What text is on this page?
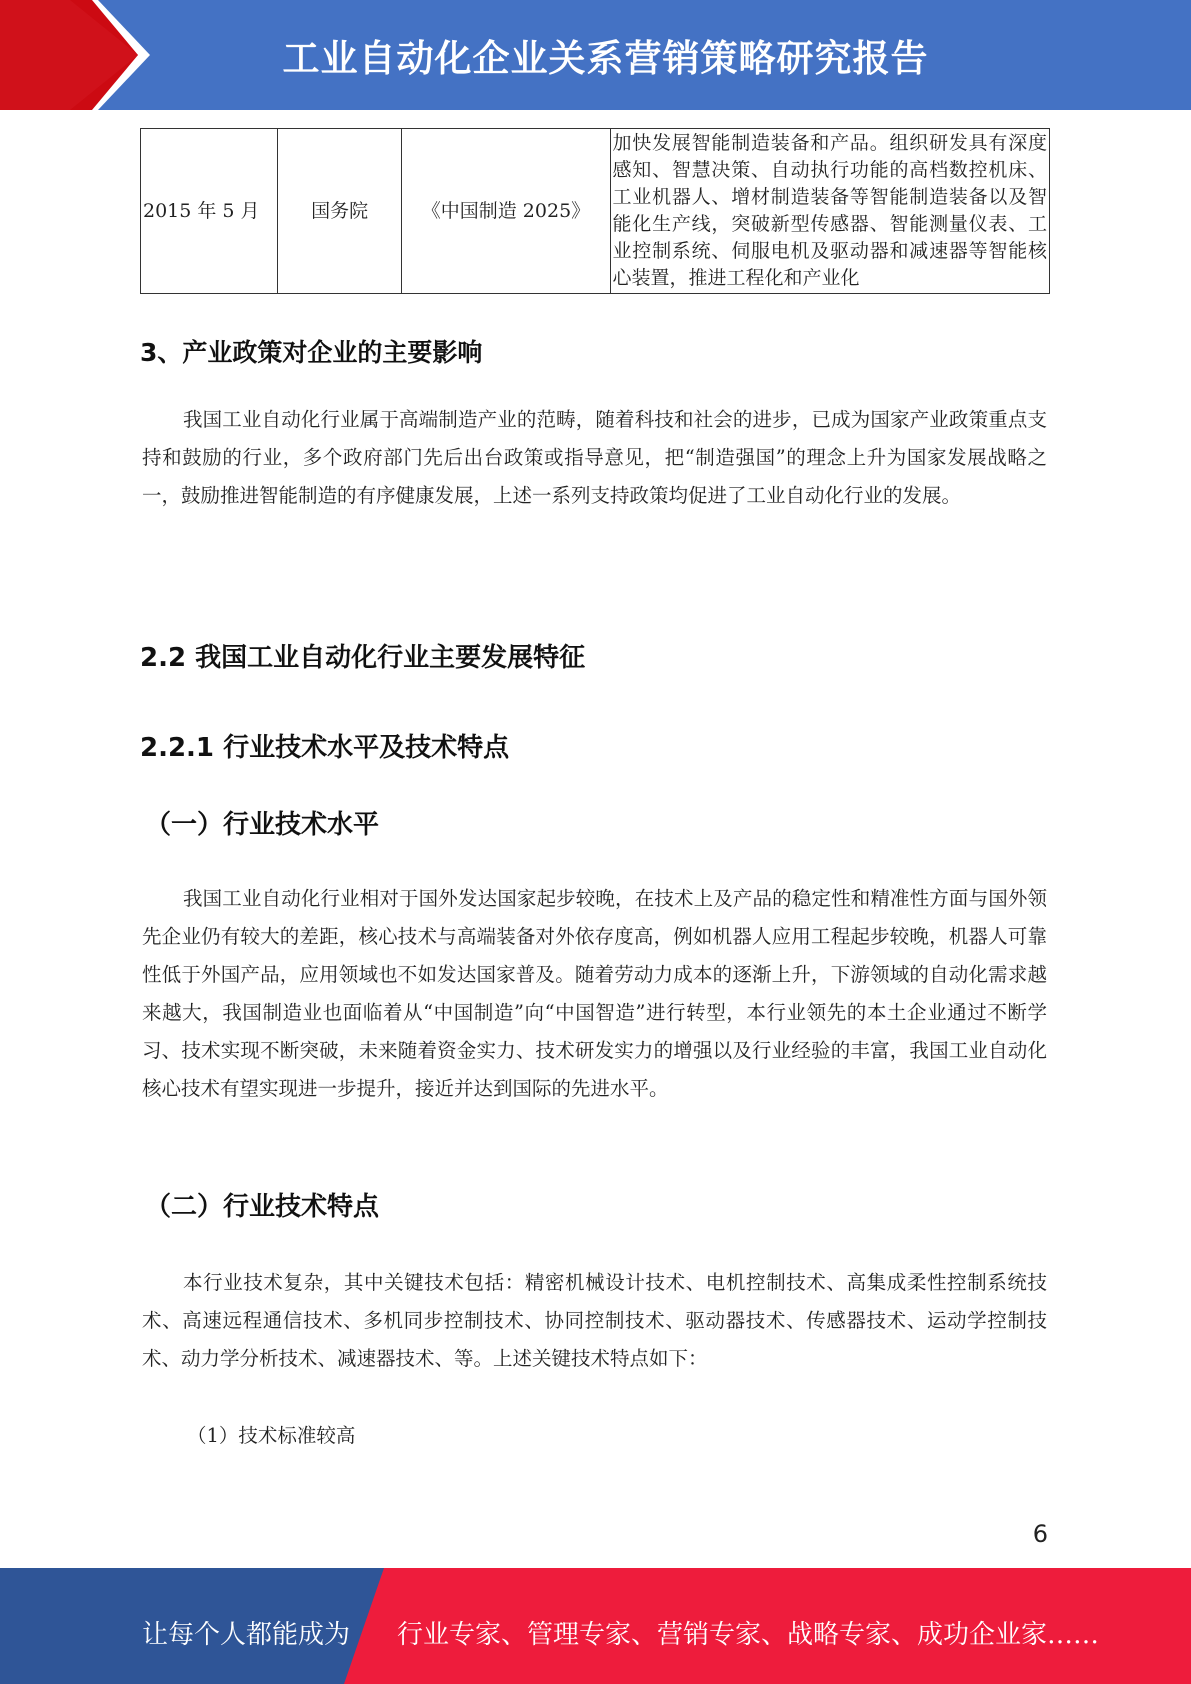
工业自动化企业关系营销策略研究报告
2015 年 5 月	国务院	《中国制造 2025》	加快发展智能制造装备和产品。组织研发具有深度感知、智慧决策、自动执行功能的高档数控机床、工业机器人、增材制造装备等智能制造装备以及智能化生产线，突破新型传感器、智能测量仪表、工业控制系统、伺服电机及驱动器和减速器等智能核心装置，推进工程化和产业化
3、产业政策对企业的主要影响
我国工业自动化行业属于高端制造产业的范畴，随着科技和社会的进步，已成为国家产业政策重点支持和鼓励的行业，多个政府部门先后出台政策或指导意见，把“制造强国”的理念上升为国家发展战略之一，鼓励推进智能制造的有序健康发展，上述一系列支持政策均促进了工业自动化行业的发展。
2.2 我国工业自动化行业主要发展特征
2.2.1 行业技术水平及技术特点
（一）行业技术水平
我国工业自动化行业相对于国外发达国家起步较晚，在技术上及产品的稳定性和精准性方面与国外领先企业仍有较大的差距，核心技术与高端装备对外依存度高，例如机器人应用工程起步较晚，机器人可靠性低于外国产品，应用领域也不如发达国家普及。随着劳动力成本的逐渐上升，下游领域的自动化需求越来越大，我国制造业也面临着从“中国制造”向“中国智造”进行转型，本行业领先的本土企业通过不断学习、技术实现不断突破，未来随着资金实力、技术研发实力的增强以及行业经验的丰富，我国工业自动化核心技术有望实现进一步提升，接近并达到国际的先进水平。
（二）行业技术特点
本行业技术复杂，其中关键技术包括：精密机械设计技术、电机控制技术、高集成柔性控制系统技术、高速远程通信技术、多机同步控制技术、协同控制技术、驱动器技术、传感器技术、运动学控制技术、动力学分析技术、减速器技术、等。上述关键技术特点如下：
（1）技术标准较高
6
让每个人都能成为 行业专家、管理专家、营销专家、战略专家、成功企业家……
